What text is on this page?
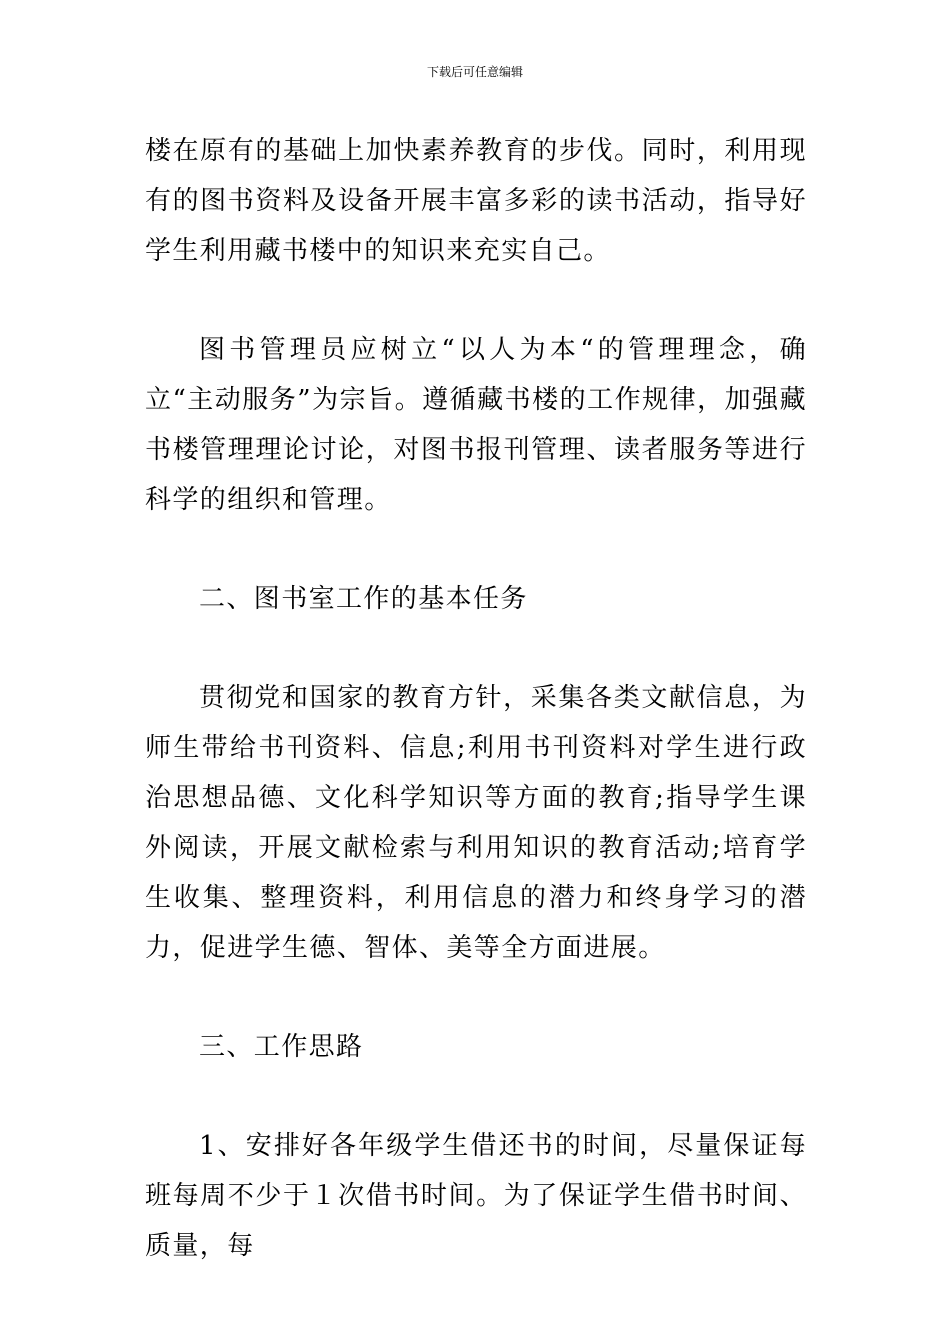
下载后可任意编辑

楼在原有的基础上加快素养教育的步伐。同时，利用现有的图书资料及设备开展丰富多彩的读书活动，指导好学生利用藏书楼中的知识来充实自己。

图书管理员应树立“以人为本“的管理理念，确立“主动服务”为宗旨。遵循藏书楼的工作规律，加强藏书楼管理理论讨论，对图书报刊管理、读者服务等进行科学的组织和管理。

二、图书室工作的基本任务

贯彻党和国家的教育方针，采集各类文献信息，为师生带给书刊资料、信息;利用书刊资料对学生进行政治思想品德、文化科学知识等方面的教育;指导学生课外阅读，开展文献检索与利用知识的教育活动;培育学生收集、整理资料，利用信息的潜力和终身学习的潜力，促进学生德、智体、美等全方面进展。

三、工作思路

1、安排好各年级学生借还书的时间，尽量保证每班每周不少于１次借书时间。为了保证学生借书时间、质量，每
